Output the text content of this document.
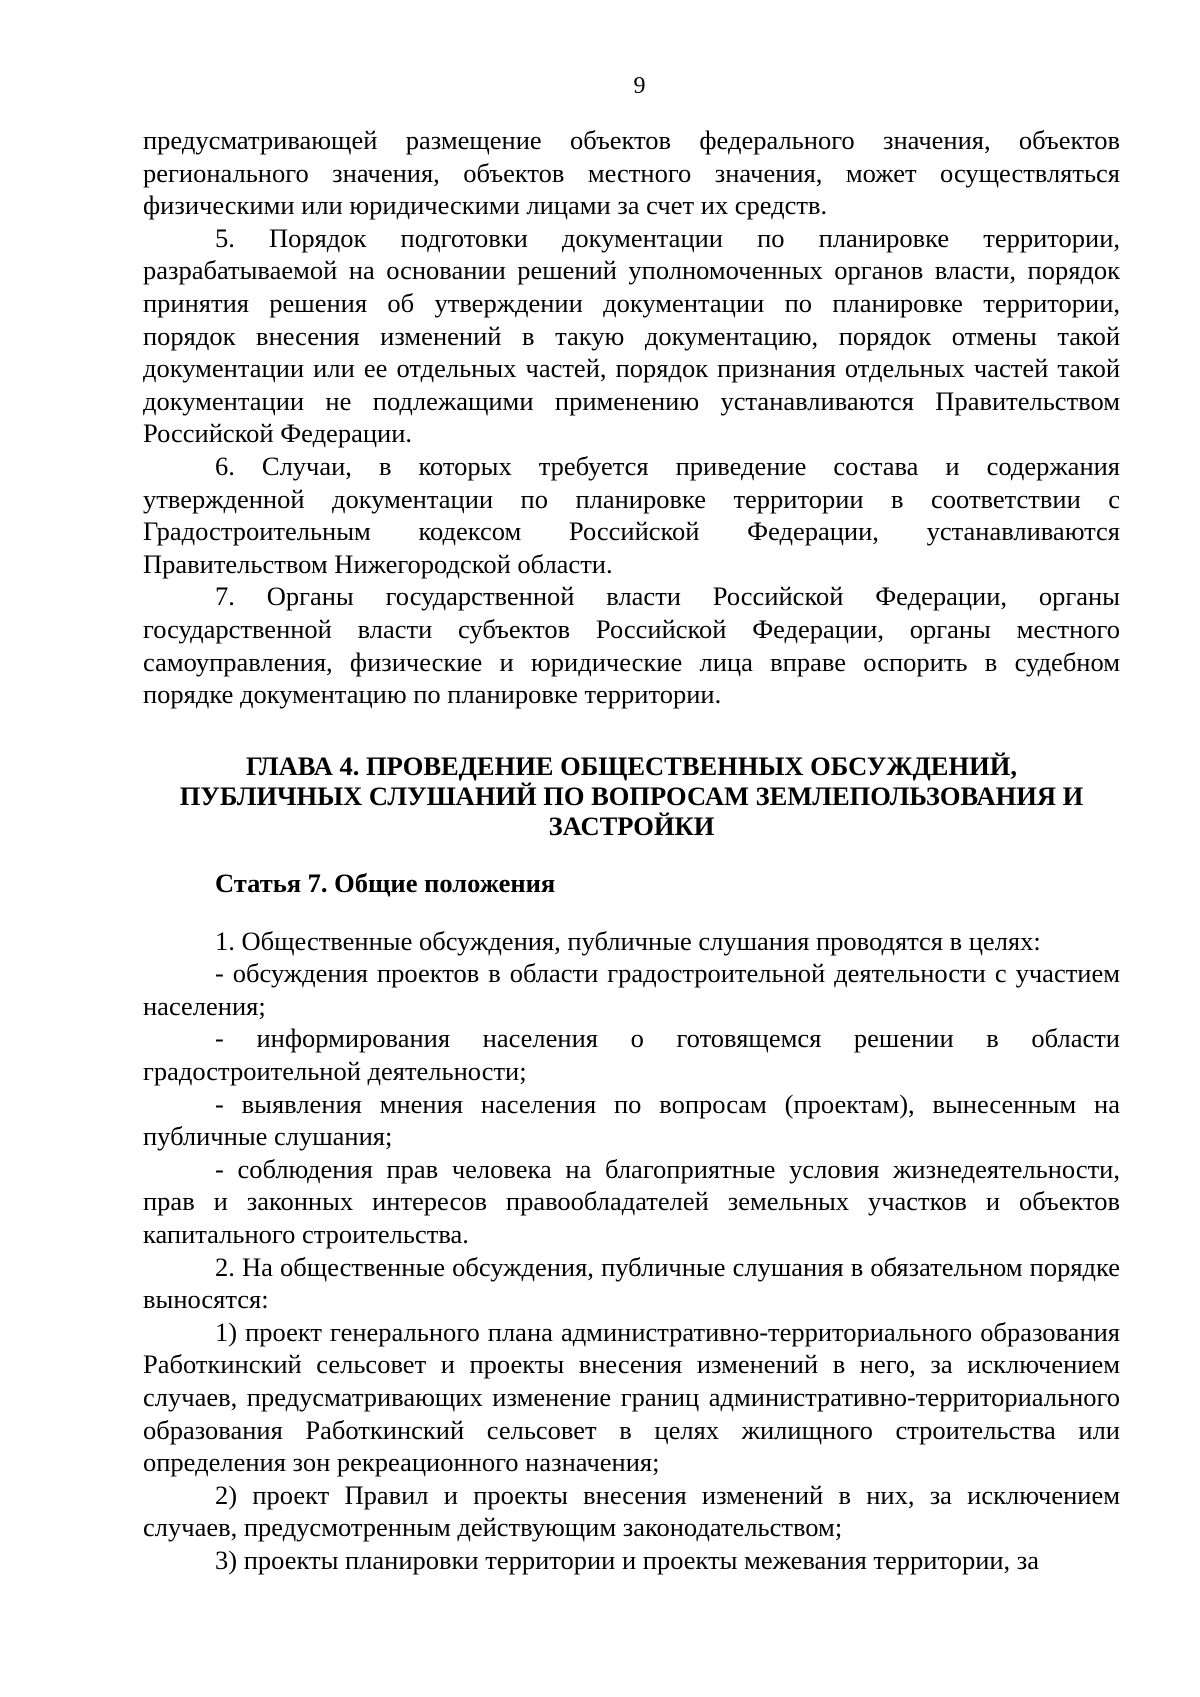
9

предусматривающей размещение объектов федерального значения, объектов регионального значения, объектов местного значения, может осуществляться физическими или юридическими лицами за счет их средств.

5. Порядок подготовки документации по планировке территории, разрабатываемой на основании решений уполномоченных органов власти, порядок принятия решения об утверждении документации по планировке территории, порядок внесения изменений в такую документацию, порядок отмены такой документации или ее отдельных частей, порядок признания отдельных частей такой документации не подлежащими применению устанавливаются Правительством Российской Федерации.

6. Случаи, в которых требуется приведение состава и содержания утвержденной документации по планировке территории в соответствии с Градостроительным кодексом Российской Федерации, устанавливаются Правительством Нижегородской области.

7. Органы государственной власти Российской Федерации, органы государственной власти субъектов Российской Федерации, органы местного самоуправления, физические и юридические лица вправе оспорить в судебном порядке документацию по планировке территории.

ГЛАВА 4. ПРОВЕДЕНИЕ ОБЩЕСТВЕННЫХ ОБСУЖДЕНИЙ,
ПУБЛИЧНЫХ СЛУШАНИЙ ПО ВОПРОСАМ ЗЕМЛЕПОЛЬЗОВАНИЯ И
ЗАСТРОЙКИ
Статья 7. Общие положения

1. Общественные обсуждения, публичные слушания проводятся в целях:

- обсуждения проектов в области градостроительной деятельности с участием населения;

- информирования населения о готовящемся решении в области градостроительной деятельности;

- выявления мнения населения по вопросам (проектам), вынесенным на публичные слушания;

- соблюдения прав человека на благоприятные условия жизнедеятельности, прав и законных интересов правообладателей земельных участков и объектов капитального строительства.

2. На общественные обсуждения, публичные слушания в обязательном порядке выносятся:

1) проект генерального плана административно-территориального образования Работкинский сельсовет и проекты внесения изменений в него, за исключением случаев, предусматривающих изменение границ административно-территориального образования Работкинский сельсовет в целях жилищного строительства или определения зон рекреационного назначения;

2) проект Правил и проекты внесения изменений в них, за исключением случаев, предусмотренным действующим законодательством;

3) проекты планировки территории и проекты межевания территории, за
